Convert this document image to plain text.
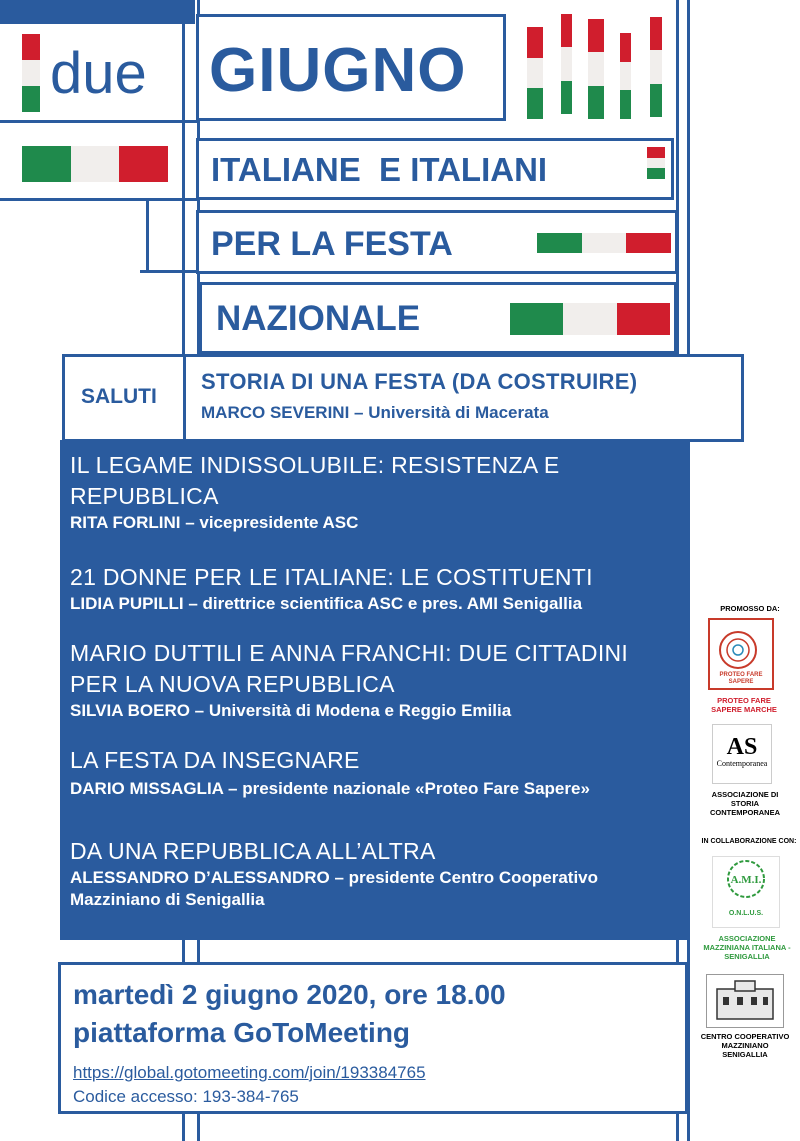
due GIUGNO
ITALIANE  E ITALIANI
PER LA FESTA
NAZIONALE
SALUTI
STORIA DI UNA FESTA (DA COSTRUIRE)
MARCO SEVERINI – Università di Macerata
IL LEGAME INDISSOLUBILE: RESISTENZA E REPUBBLICA
RITA FORLINI – vicepresidente ASC
21 DONNE PER LE ITALIANE: LE COSTITUENTI
LIDIA PUPILLI – direttrice scientifica ASC e pres. AMI Senigallia
MARIO DUTTILI E ANNA FRANCHI: DUE CITTADINI PER LA NUOVA REPUBBLICA
SILVIA BOERO – Università di Modena e Reggio Emilia
LA FESTA DA INSEGNARE
DARIO MISSAGLIA – presidente nazionale «Proteo Fare Sapere»
DA UNA REPUBBLICA ALL’ALTRA
ALESSANDRO D’ALESSANDRO – presidente Centro Cooperativo Mazziniano di Senigallia
martedì 2 giugno 2020, ore 18.00
piattaforma GoToMeeting
https://global.gotomeeting.com/join/193384765
Codice accesso: 193-384-765
PROMOSSO DA:
PROTEO FARE SAPERE
PROTEO FARE SAPERE MARCHE
AS
Contemporanea
ASSOCIAZIONE DI STORIA CONTEMPORANEA
IN COLLABORAZIONE CON:
A.M.I.
O.N.L.U.S.
ASSOCIAZIONE MAZZINIANA ITALIANA - SENIGALLIA
CENTRO COOPERATIVO MAZZINIANO SENIGALLIA
